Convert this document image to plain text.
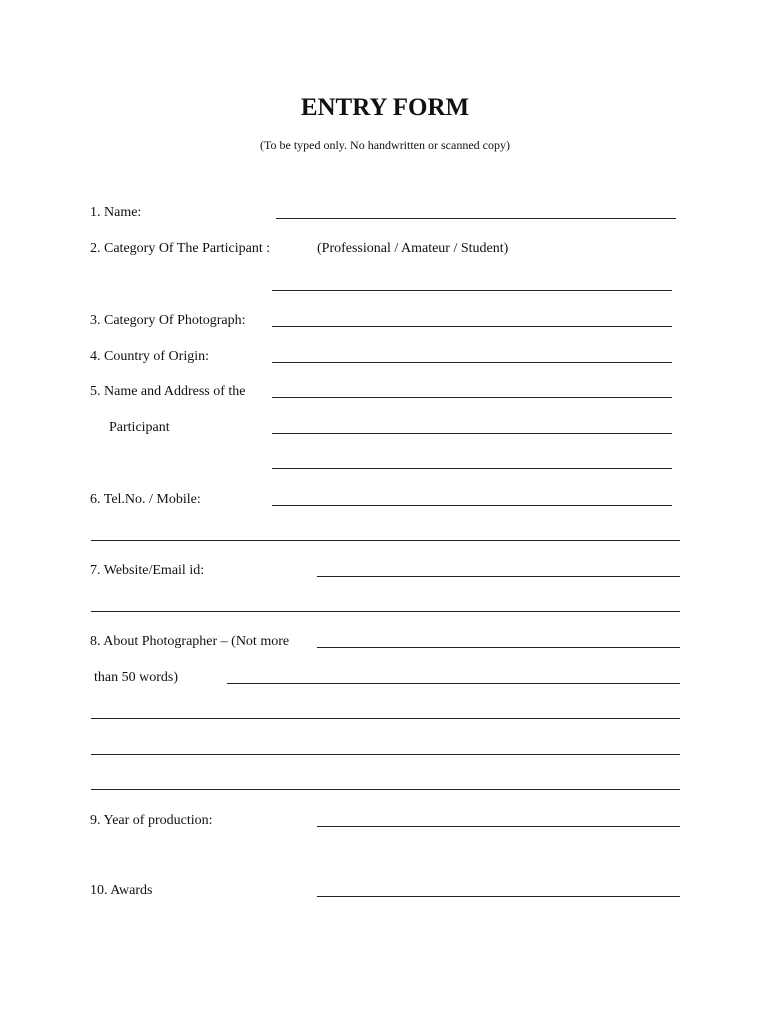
ENTRY FORM
(To be typed only. No handwritten or scanned copy)
1. Name:
2. Category Of The Participant :	(Professional / Amateur / Student)
3. Category Of Photograph:
4. Country of Origin:
5. Name and Address of the
Participant
6. Tel.No. / Mobile:
7. Website/Email id:
8. About Photographer – (Not more
than 50 words)
9. Year of production:
10. Awards
